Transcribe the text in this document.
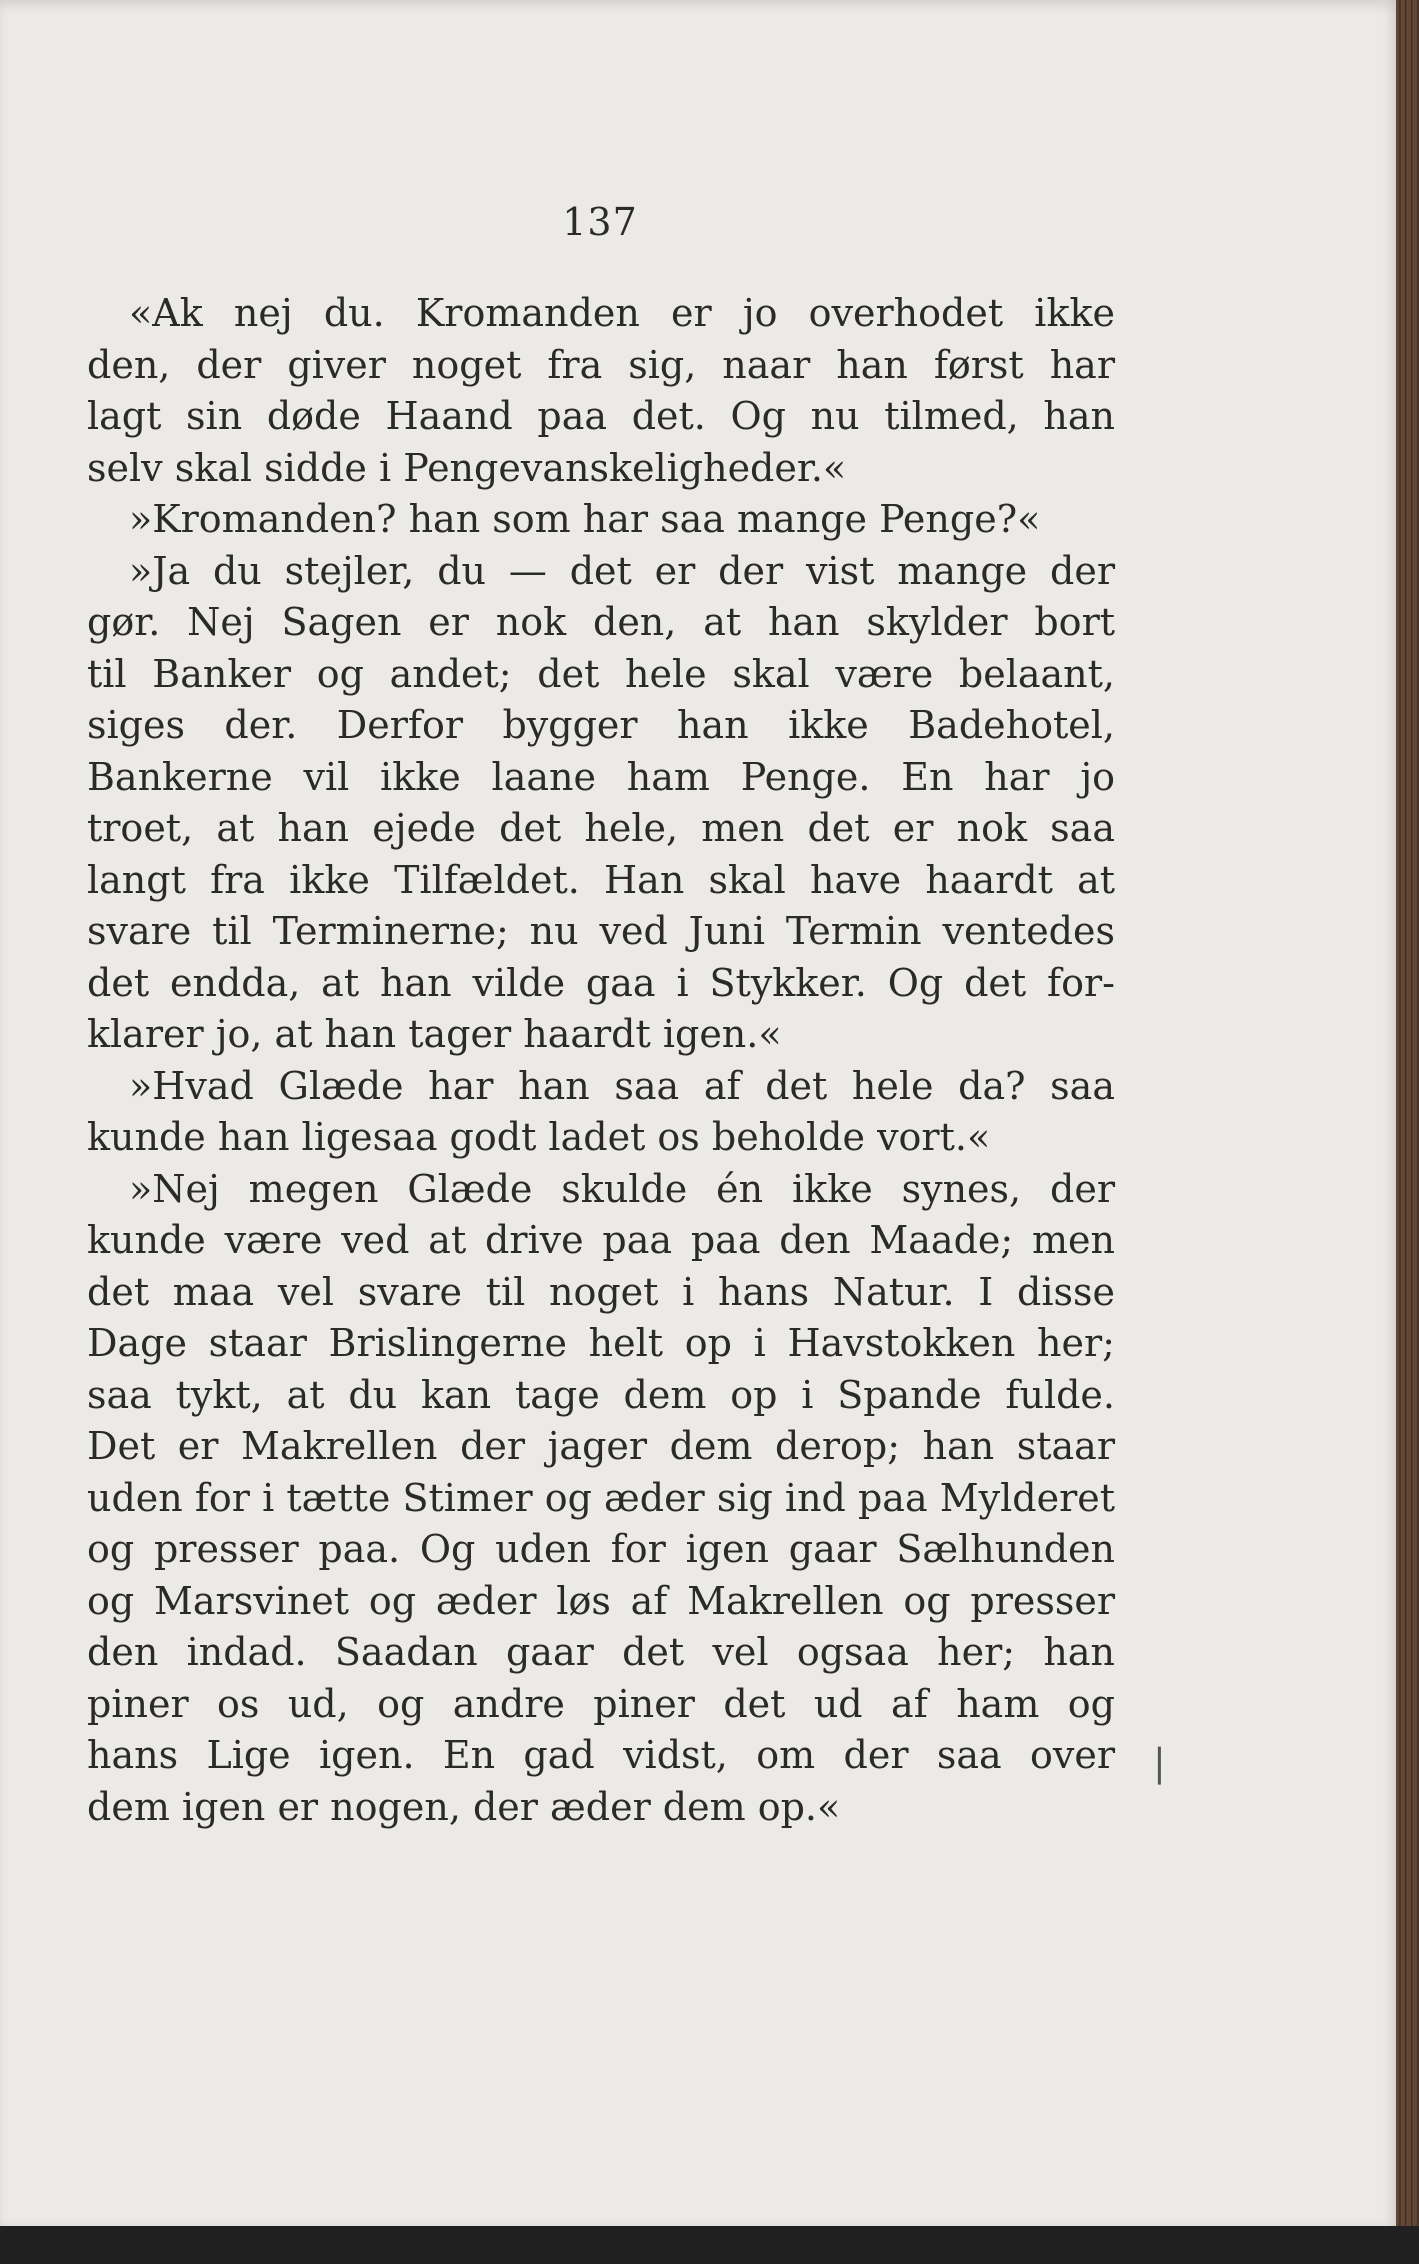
137
«Ak nej du. Kromanden er jo overhodet ikke
den, der giver noget fra sig, naar han først har
lagt sin døde Haand paa det. Og nu tilmed, han
selv skal sidde i Pengevanskeligheder.«
»Kromanden? han som har saa mange Penge?«
»Ja du stejler, du — det er der vist mange der
gør. Nej Sagen er nok den, at han skylder bort
til Banker og andet; det hele skal være belaant,
siges der. Derfor bygger han ikke Badehotel,
Bankerne vil ikke laane ham Penge. En har jo
troet, at han ejede det hele, men det er nok saa
langt fra ikke Tilfældet. Han skal have haardt at
svare til Terminerne; nu ved Juni Termin ventedes
det endda, at han vilde gaa i Stykker. Og det for-
klarer jo, at han tager haardt igen.«
»Hvad Glæde har han saa af det hele da? saa
kunde han ligesaa godt ladet os beholde vort.«
»Nej megen Glæde skulde én ikke synes, der
kunde være ved at drive paa paa den Maade; men
det maa vel svare til noget i hans Natur. I disse
Dage staar Brislingerne helt op i Havstokken her;
saa tykt, at du kan tage dem op i Spande fulde.
Det er Makrellen der jager dem derop; han staar
uden for i tætte Stimer og æder sig ind paa Mylderet
og presser paa. Og uden for igen gaar Sælhunden
og Marsvinet og æder løs af Makrellen og presser
den indad. Saadan gaar det vel ogsaa her; han
piner os ud, og andre piner det ud af ham og
hans Lige igen. En gad vidst, om der saa over
dem igen er nogen, der æder dem op.«
⎸
